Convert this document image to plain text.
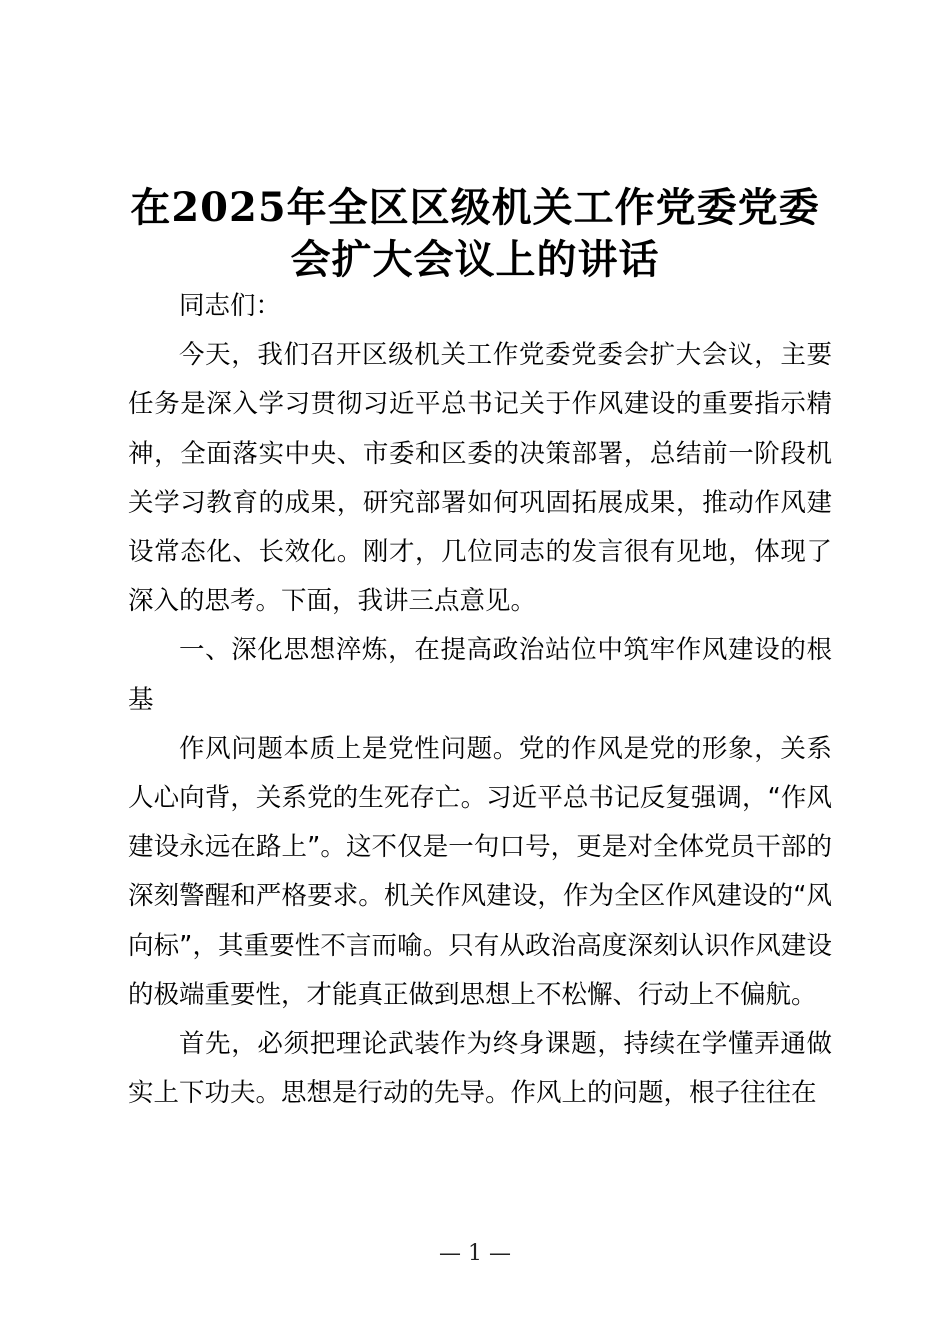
在2025年全区区级机关工作党委党委
会扩大会议上的讲话

同志们：

今天，我们召开区级机关工作党委党委会扩大会议，主要任务是深入学习贯彻习近平总书记关于作风建设的重要指示精神，全面落实中央、市委和区委的决策部署，总结前一阶段机关学习教育的成果，研究部署如何巩固拓展成果，推动作风建设常态化、长效化。刚才，几位同志的发言很有见地，体现了深入的思考。下面，我讲三点意见。

一、深化思想淬炼，在提高政治站位中筑牢作风建设的根基

作风问题本质上是党性问题。党的作风是党的形象，关系人心向背，关系党的生死存亡。习近平总书记反复强调，“作风建设永远在路上”。这不仅是一句口号，更是对全体党员干部的深刻警醒和严格要求。机关作风建设，作为全区作风建设的“风向标”，其重要性不言而喻。只有从政治高度深刻认识作风建设的极端重要性，才能真正做到思想上不松懈、行动上不偏航。

首先，必须把理论武装作为终身课题，持续在学懂弄通做实上下功夫。思想是行动的先导。作风上的问题，根子往往在

— 1 —
